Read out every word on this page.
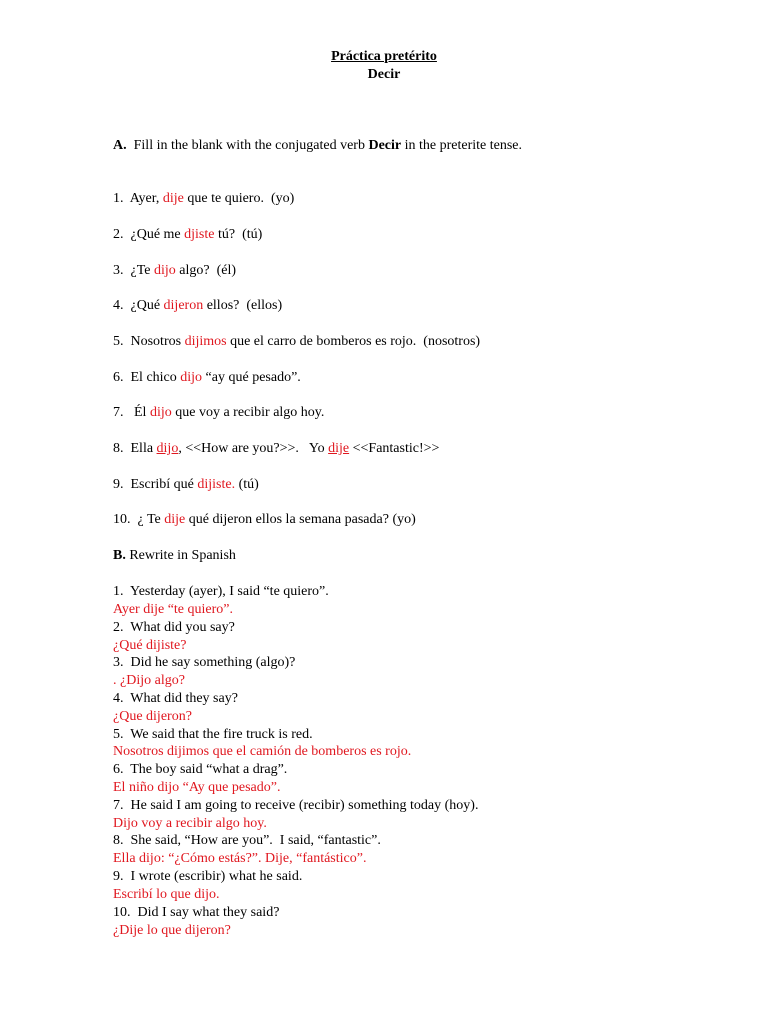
Práctica pretérito
Decir
A. Fill in the blank with the conjugated verb Decir in the preterite tense.
1.  Ayer, dije que te quiero.  (yo)
2.  ¿Qué me djiste tú?  (tú)
3.  ¿Te dijo algo?  (él)
4.  ¿Qué dijeron ellos?  (ellos)
5.  Nosotros dijimos que el carro de bomberos es rojo.  (nosotros)
6.  El chico dijo “ay qué pesado”.
7.   Él dijo que voy a recibir algo hoy.
8.  Ella dijo, <<How are you?>>.   Yo dije <<Fantastic!>>
9.  Escribí qué dijiste. (tú)
10.  ¿ Te dije qué dijeron ellos la semana pasada? (yo)
B. Rewrite in Spanish
1.  Yesterday (ayer), I said “te quiero”.
Ayer dije “te quiero”.
2.  What did you say?
¿Qué dijiste?
3.  Did he say something (algo)?
. ¿Dijo algo?
4.  What did they say?
¿Que dijeron?
5.  We said that the fire truck is red.
Nosotros dijimos que el camión de bomberos es rojo.
6.  The boy said “what a drag”.
El niño dijo “Ay que pesado”.
7.  He said I am going to receive (recibir) something today (hoy).
Dijo voy a recibir algo hoy.
8.  She said, “How are you”.  I said, “fantastic”.
Ella dijo: “¿Cómo estás?”. Dije, “fantástico”.
9.  I wrote (escribir) what he said.
Escribí lo que dijo.
10.  Did I say what they said?
¿Dije lo que dijeron?
